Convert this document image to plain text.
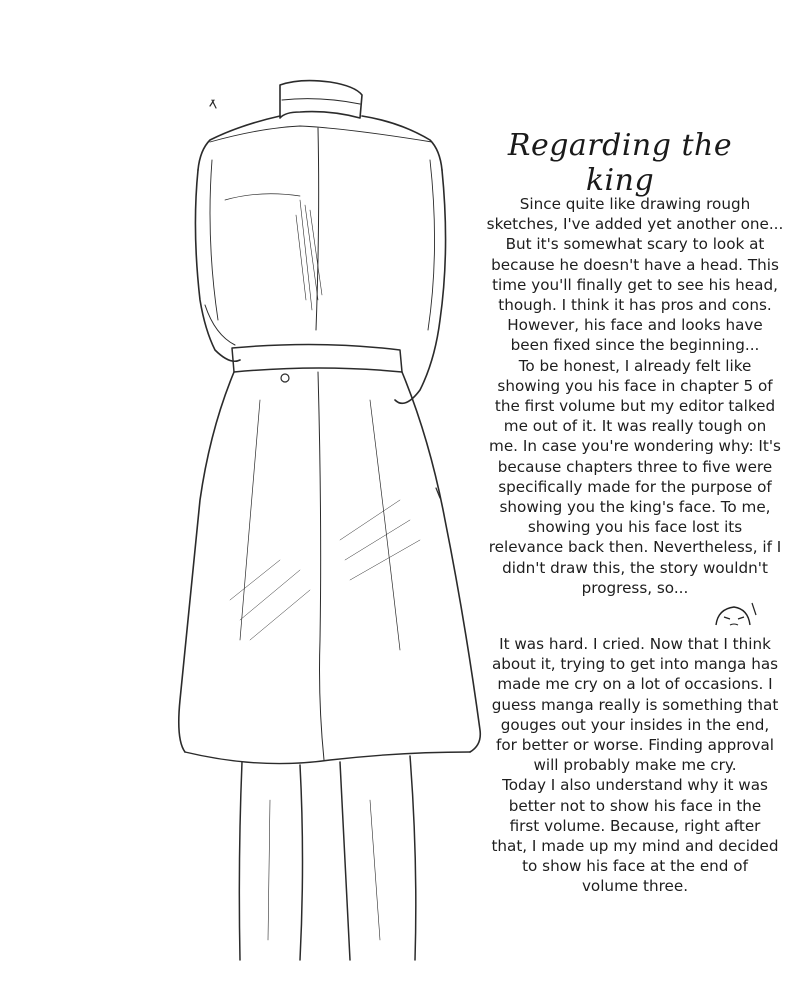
Regarding the king
Since quite like drawing rough
sketches, I've added yet another one...
But it's somewhat scary to look at
because he doesn't have a head. This
time you'll finally get to see his head,
though. I think it has pros and cons.
However, his face and looks have
been fixed since the beginning...
To be honest, I already felt like
showing you his face in chapter 5 of
the first volume but my editor talked
me out of it. It was really tough on
me. In case you're wondering why: It's
because chapters three to five were
specifically made for the purpose of
showing you the king's face. To me,
showing you his face lost its
relevance back then. Nevertheless, if I
didn't draw this, the story wouldn't
progress, so...
It was hard. I cried. Now that I think
about it, trying to get into manga has
made me cry on a lot of occasions. I
guess manga really is something that
gouges out your insides in the end,
for better or worse. Finding approval
will probably make me cry.
Today I also understand why it was
better not to show his face in the
first volume. Because, right after
that, I made up my mind and decided
to show his face at the end of
volume three.
